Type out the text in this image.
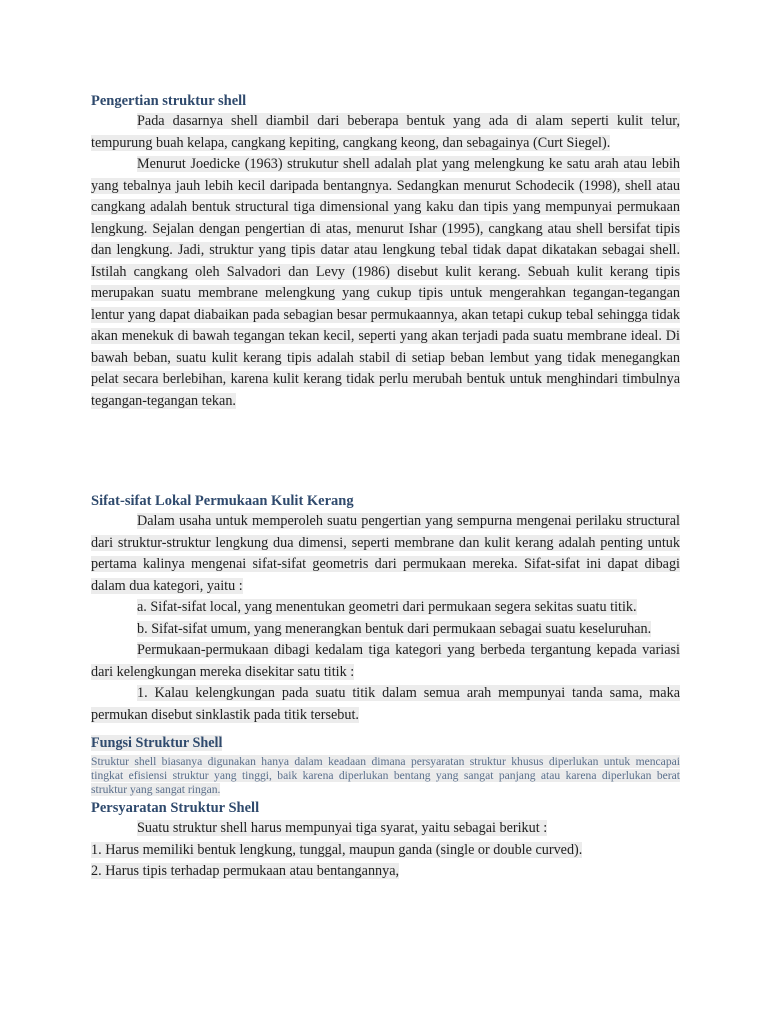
Pengertian struktur shell

Pada dasarnya shell diambil dari beberapa bentuk yang ada di alam seperti kulit telur, tempurung buah kelapa, cangkang kepiting, cangkang keong, dan sebagainya (Curt Siegel).

Menurut Joedicke (1963) strukutur shell adalah plat yang melengkung ke satu arah atau lebih yang tebalnya jauh lebih kecil daripada bentangnya. Sedangkan menurut Schodecik (1998), shell atau cangkang adalah bentuk structural tiga dimensional yang kaku dan tipis yang mempunyai permukaan lengkung. Sejalan dengan pengertian di atas, menurut Ishar (1995), cangkang atau shell bersifat tipis dan lengkung. Jadi, struktur yang tipis datar atau lengkung tebal tidak dapat dikatakan sebagai shell. Istilah cangkang oleh Salvadori dan Levy (1986) disebut kulit kerang. Sebuah kulit kerang tipis merupakan suatu membrane melengkung yang cukup tipis untuk mengerahkan tegangan-tegangan lentur yang dapat diabaikan pada sebagian besar permukaannya, akan tetapi cukup tebal sehingga tidak akan menekuk di bawah tegangan tekan kecil, seperti yang akan terjadi pada suatu membrane ideal. Di bawah beban, suatu kulit kerang tipis adalah stabil di setiap beban lembut yang tidak menegangkan pelat secara berlebihan, karena kulit kerang tidak perlu merubah bentuk untuk menghindari timbulnya tegangan-tegangan tekan.

Sifat-sifat Lokal Permukaan Kulit Kerang

Dalam usaha untuk memperoleh suatu pengertian yang sempurna mengenai perilaku structural dari struktur-struktur lengkung dua dimensi, seperti membrane dan kulit kerang adalah penting untuk pertama kalinya mengenai sifat-sifat geometris dari permukaan mereka. Sifat-sifat ini dapat dibagi dalam dua kategori, yaitu :

a. Sifat-sifat local, yang menentukan geometri dari permukaan segera sekitas suatu titik.

b. Sifat-sifat umum, yang menerangkan bentuk dari permukaan sebagai suatu keseluruhan.

Permukaan-permukaan dibagi kedalam tiga kategori yang berbeda tergantung kepada variasi dari kelengkungan mereka disekitar satu titik :

1. Kalau kelengkungan pada suatu titik dalam semua arah mempunyai tanda sama, maka permukan disebut sinklastik pada titik tersebut.

Fungsi Struktur Shell

Struktur shell biasanya digunakan hanya dalam keadaan dimana persyaratan struktur khusus diperlukan untuk mencapai tingkat efisiensi struktur yang tinggi, baik karena diperlukan bentang yang sangat panjang atau karena diperlukan berat struktur yang sangat ringan.

Persyaratan Struktur Shell

Suatu struktur shell harus mempunyai tiga syarat, yaitu sebagai berikut :

1. Harus memiliki bentuk lengkung, tunggal, maupun ganda (single or double curved).

2. Harus tipis terhadap permukaan atau bentangannya,
